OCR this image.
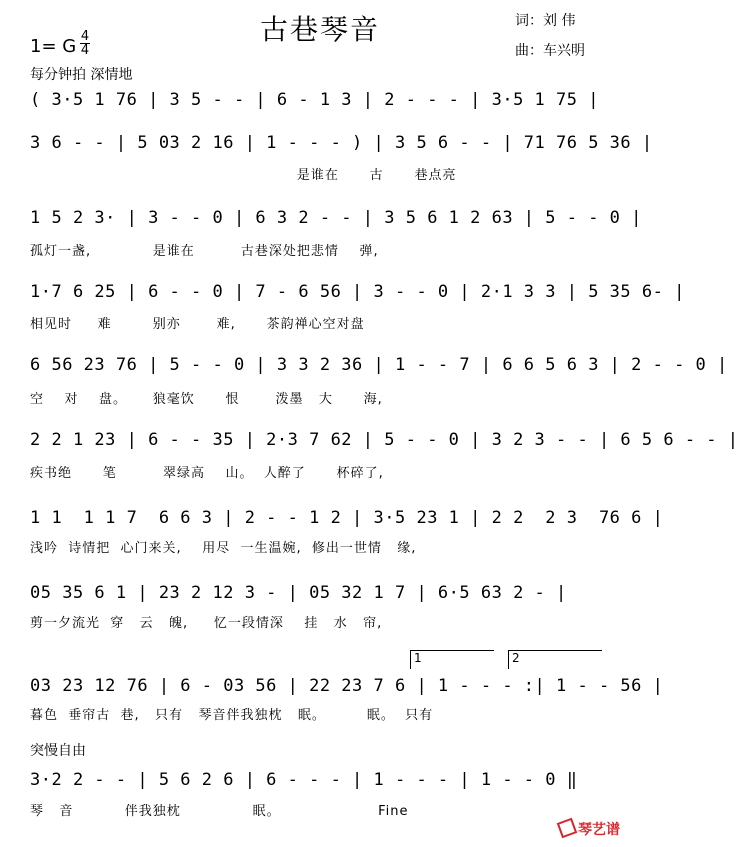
古巷琴音
1= G 4
4
词：刘 伟
曲：车兴明
每分钟拍 深情地
1	2
( 3·5 1 76 | 3 5 - - | 6 - 1 3 | 2 - - - | 3·5 1 75 |
3 6 - - | 5 03 2 16 | 1 - - - ) | 3 5 6 - - | 71 76 5 36 |
是谁在      古      巷点亮
1 5 2 3· | 3 - - 0 | 6 3 2 - - | 3 5 6 1 2 63 | 5 - - 0 |
孤灯一盏,            是谁在         古巷深处把悲情    弹,
1·7 6 25 | 6 - - 0 | 7 - 6 56 | 3 - - 0 | 2·1 3 3 | 5 35 6- |
相见时     难        别亦       难,      茶韵禅心空对盘
6 56 23 76 | 5 - - 0 | 3 3 2 36 | 1 - - 7 | 6 6 5 6 3 | 2 - - 0 |
空    对    盘。     狼毫饮      恨       泼墨   大      海,
2 2 1 23 | 6 - - 35 | 2·3 7 62 | 5 - - 0 | 3 2 3 - - | 6 5 6 - - |
疾书绝      笔         翠绿高    山。  人醉了      杯碎了,
1 1  1 1 7  6 6 3 | 2 - - 1 2 | 3·5 23 1 | 2 2  2 3  76 6 |
浅吟  诗情把  心门来关,    用尽  一生温婉,  修出一世情   缘,
05 35 6 1 | 23 2 12 3 - | 05 32 1 7 | 6·5 63 2 - |
剪一夕流光  穿   云   魄,     忆一段情深    挂   水   帘,
03 23 12 76 | 6 - 03 56 | 22 23 7 6 | 1 - - - :| 1 - - 56 |
暮色  垂帘古  巷,   只有   琴音伴我独枕   眠。        眠。  只有
突慢自由
3·2 2 - - | 5 6 2 6 | 6 - - - | 1 - - - | 1 - - 0 ‖
琴   音          伴我独枕              眠。                   Fine
琴艺谱
